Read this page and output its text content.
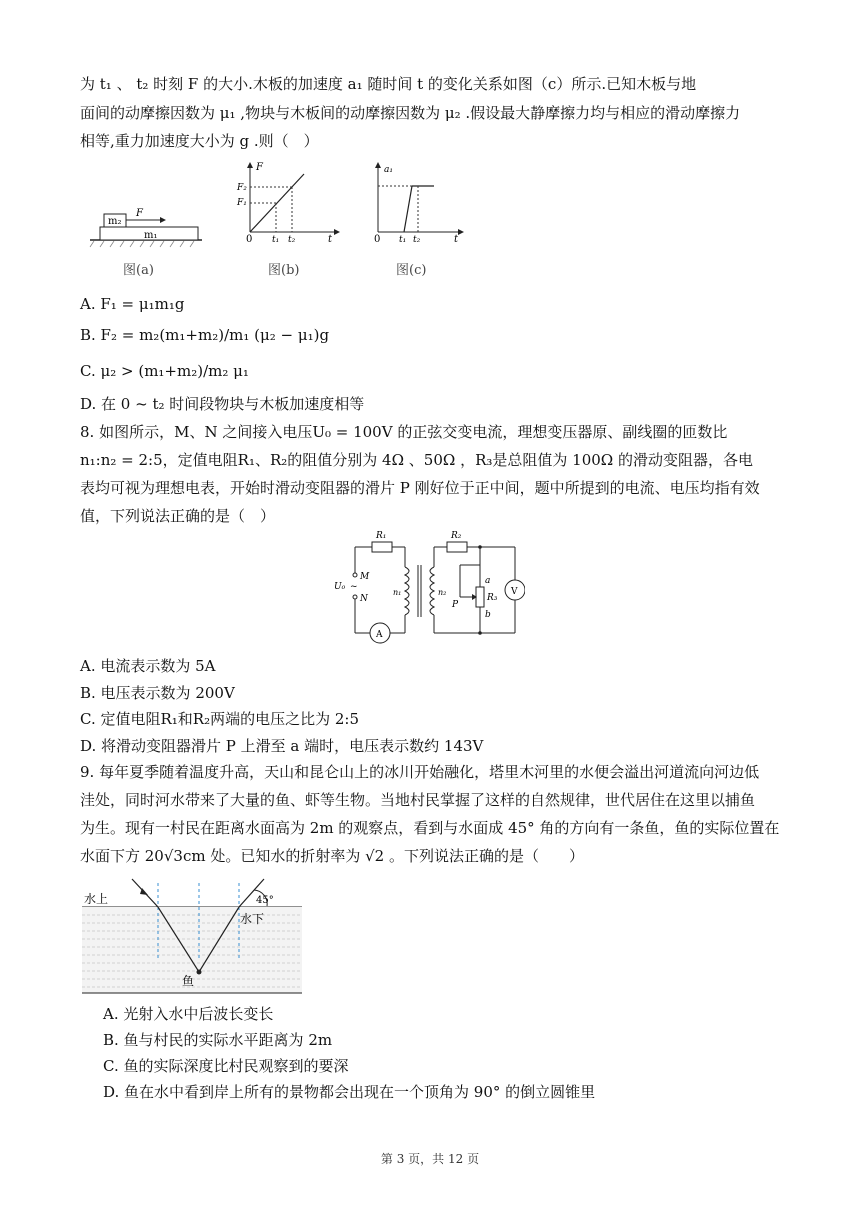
为 t₁ 、 t₂ 时刻 F 的大小.木板的加速度 a₁ 随时间 t 的变化关系如图（c）所示.已知木板与地
面间的动摩擦因数为 μ₁ ,物块与木板间的动摩擦因数为 μ₂ .假设最大静摩擦力均与相应的滑动摩擦力
相等,重力加速度大小为 g .则（　）
m₁
m₂
F
图(a)
F
F₂
F₁
0 t₁ t₂	t
图(b)
a₁
0 t₁ t₂	t
图(c)
A. F₁ = μ₁m₁g
B. F₂ = m₂(m₁+m₂)/m₁ (μ₂ − μ₁)g
C. μ₂ > (m₁+m₂)/m₂ μ₁
D. 在 0 ~ t₂ 时间段物块与木板加速度相等
8. 如图所示，M、N 之间接入电压U₀ = 100V 的正弦交变电流，理想变压器原、副线圈的匝数比
n₁:n₂ = 2:5，定值电阻R₁、R₂的阻值分别为 4Ω 、50Ω ，R₃是总阻值为 100Ω 的滑动变阻器，各电
表均可视为理想电表，开始时滑动变阻器的滑片 P 刚好位于正中间，题中所提到的电流、电压均指有效
值，下列说法正确的是（　）
R₁	R₂
R₃
U₀
M
N
~
n₁	n₂
a
b
P
A
V
A. 电流表示数为 5A
B. 电压表示数为 200V
C. 定值电阻R₁和R₂两端的电压之比为 2:5
D. 将滑动变阻器滑片 P 上滑至 a 端时，电压表示数约 143V
9. 每年夏季随着温度升高，天山和昆仑山上的冰川开始融化，塔里木河里的水便会溢出河道流向河边低
洼处，同时河水带来了大量的鱼、虾等生物。当地村民掌握了这样的自然规律，世代居住在这里以捕鱼
为生。现有一村民在距离水面高为 2m 的观察点，看到与水面成 45° 角的方向有一条鱼，鱼的实际位置在
水面下方 20√3cm 处。已知水的折射率为 √2 。下列说法正确的是（　　）
45°
水上
水下
鱼
A. 光射入水中后波长变长
B. 鱼与村民的实际水平距离为 2m
C. 鱼的实际深度比村民观察到的要深
D. 鱼在水中看到岸上所有的景物都会出现在一个顶角为 90° 的倒立圆锥里
第 3 页，共 12 页
